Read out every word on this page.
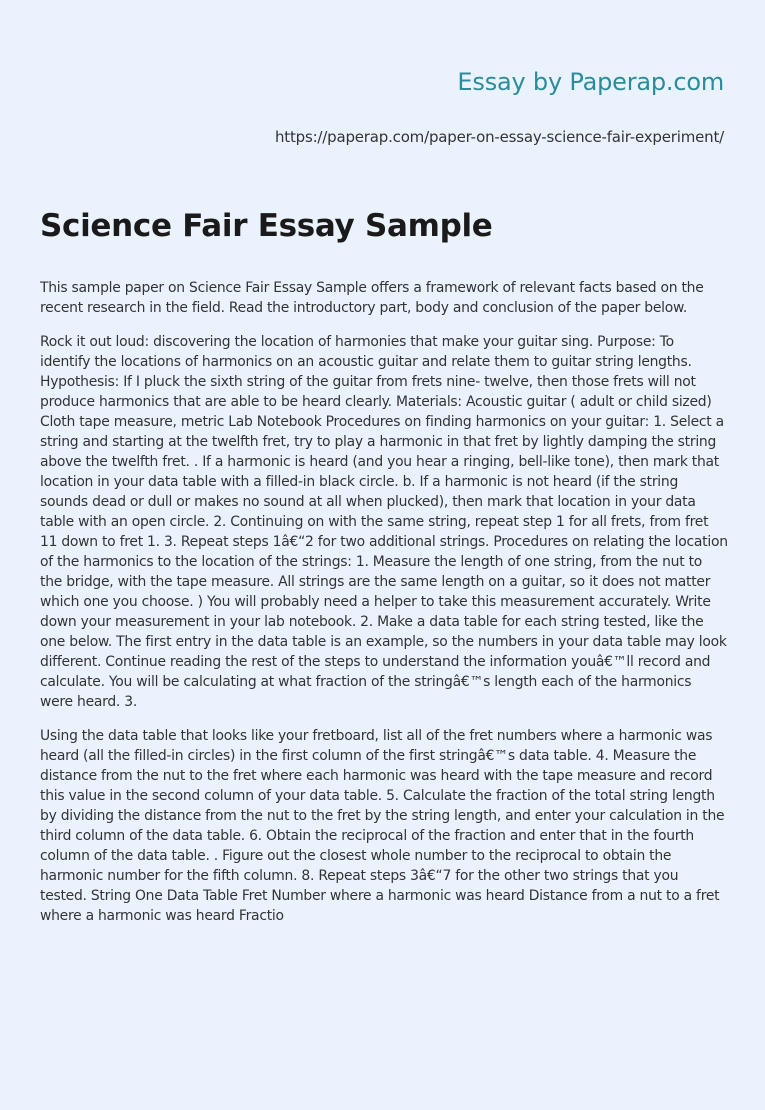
Essay by Paperap.com
https://paperap.com/paper-on-essay-science-fair-experiment/
Science Fair Essay Sample

This sample paper on Science Fair Essay Sample offers a framework of relevant facts based on the recent research in the field. Read the introductory part, body and conclusion of the paper below.

Rock it out loud: discovering the location of harmonies that make your guitar sing. Purpose: To identify the locations of harmonics on an acoustic guitar and relate them to guitar string lengths. Hypothesis: If I pluck the sixth string of the guitar from frets nine- twelve, then those frets will not produce harmonics that are able to be heard clearly. Materials: Acoustic guitar ( adult or child sized) Cloth tape measure, metric Lab Notebook Procedures on finding harmonics on your guitar: 1. Select a string and starting at the twelfth fret, try to play a harmonic in that fret by lightly damping the string above the twelfth fret. . If a harmonic is heard (and you hear a ringing, bell-like tone), then mark that location in your data table with a filled-in black circle. b. If a harmonic is not heard (if the string sounds dead or dull or makes no sound at all when plucked), then mark that location in your data table with an open circle. 2. Continuing on with the same string, repeat step 1 for all frets, from fret 11 down to fret 1. 3. Repeat steps 1â€“2 for two additional strings. Procedures on relating the location of the harmonics to the location of the strings: 1. Measure the length of one string, from the nut to the bridge, with the tape measure. All strings are the same length on a guitar, so it does not matter which one you choose. ) You will probably need a helper to take this measurement accurately. Write down your measurement in your lab notebook. 2. Make a data table for each string tested, like the one below. The first entry in the data table is an example, so the numbers in your data table may look different. Continue reading the rest of the steps to understand the information youâ€™ll record and calculate. You will be calculating at what fraction of the stringâ€™s length each of the harmonics were heard. 3.

Using the data table that looks like your fretboard, list all of the fret numbers where a harmonic was heard (all the filled-in circles) in the first column of the first stringâ€™s data table. 4. Measure the distance from the nut to the fret where each harmonic was heard with the tape measure and record this value in the second column of your data table. 5. Calculate the fraction of the total string length by dividing the distance from the nut to the fret by the string length, and enter your calculation in the third column of the data table. 6. Obtain the reciprocal of the fraction and enter that in the fourth column of the data table. . Figure out the closest whole number to the reciprocal to obtain the harmonic number for the fifth column. 8. Repeat steps 3â€“7 for the other two strings that you tested. String One Data Table Fret Number where a harmonic was heard Distance from a nut to a fret where a harmonic was heard Fractio
